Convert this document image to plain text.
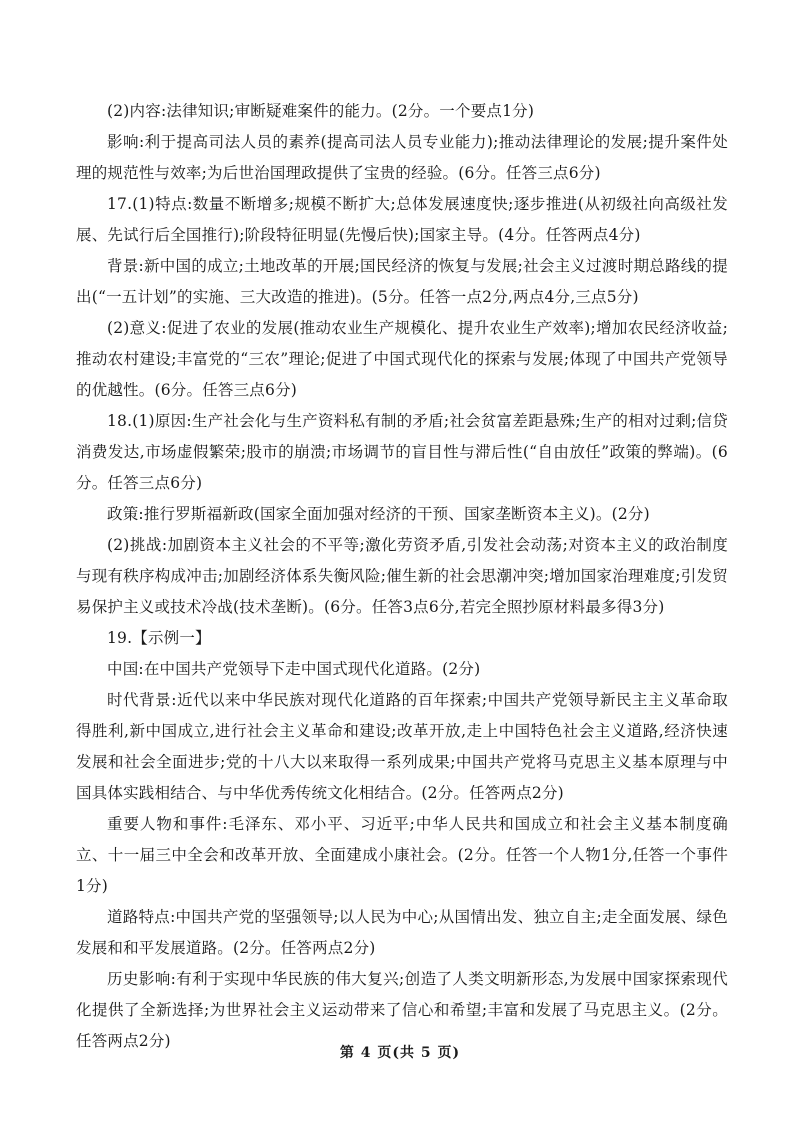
(2)内容:法律知识;审断疑难案件的能力。(2分。一个要点1分)

影响:利于提高司法人员的素养(提高司法人员专业能力);推动法律理论的发展;提升案件处理的规范性与效率;为后世治国理政提供了宝贵的经验。(6分。任答三点6分)

17.(1)特点:数量不断增多;规模不断扩大;总体发展速度快;逐步推进(从初级社向高级社发展、先试行后全国推行);阶段特征明显(先慢后快);国家主导。(4分。任答两点4分)

背景:新中国的成立;土地改革的开展;国民经济的恢复与发展;社会主义过渡时期总路线的提出(“一五计划”的实施、三大改造的推进)。(5分。任答一点2分,两点4分,三点5分)

(2)意义:促进了农业的发展(推动农业生产规模化、提升农业生产效率);增加农民经济收益;推动农村建设;丰富党的“三农”理论;促进了中国式现代化的探索与发展;体现了中国共产党领导的优越性。(6分。任答三点6分)

18.(1)原因:生产社会化与生产资料私有制的矛盾;社会贫富差距悬殊;生产的相对过剩;信贷消费发达,市场虚假繁荣;股市的崩溃;市场调节的盲目性与滞后性(“自由放任”政策的弊端)。(6分。任答三点6分)

政策:推行罗斯福新政(国家全面加强对经济的干预、国家垄断资本主义)。(2分)

(2)挑战:加剧资本主义社会的不平等;激化劳资矛盾,引发社会动荡;对资本主义的政治制度与现有秩序构成冲击;加剧经济体系失衡风险;催生新的社会思潮冲突;增加国家治理难度;引发贸易保护主义或技术冷战(技术垄断)。(6分。任答3点6分,若完全照抄原材料最多得3分)

19.【示例一】

中国:在中国共产党领导下走中国式现代化道路。(2分)

时代背景:近代以来中华民族对现代化道路的百年探索;中国共产党领导新民主主义革命取得胜利,新中国成立,进行社会主义革命和建设;改革开放,走上中国特色社会主义道路,经济快速发展和社会全面进步;党的十八大以来取得一系列成果;中国共产党将马克思主义基本原理与中国具体实践相结合、与中华优秀传统文化相结合。(2分。任答两点2分)

重要人物和事件:毛泽东、邓小平、习近平;中华人民共和国成立和社会主义基本制度确立、十一届三中全会和改革开放、全面建成小康社会。(2分。任答一个人物1分,任答一个事件1分)

道路特点:中国共产党的坚强领导;以人民为中心;从国情出发、独立自主;走全面发展、绿色发展和和平发展道路。(2分。任答两点2分)

历史影响:有利于实现中华民族的伟大复兴;创造了人类文明新形态,为发展中国家探索现代化提供了全新选择;为世界社会主义运动带来了信心和希望;丰富和发展了马克思主义。(2分。任答两点2分)

第 4 页(共 5 页)
